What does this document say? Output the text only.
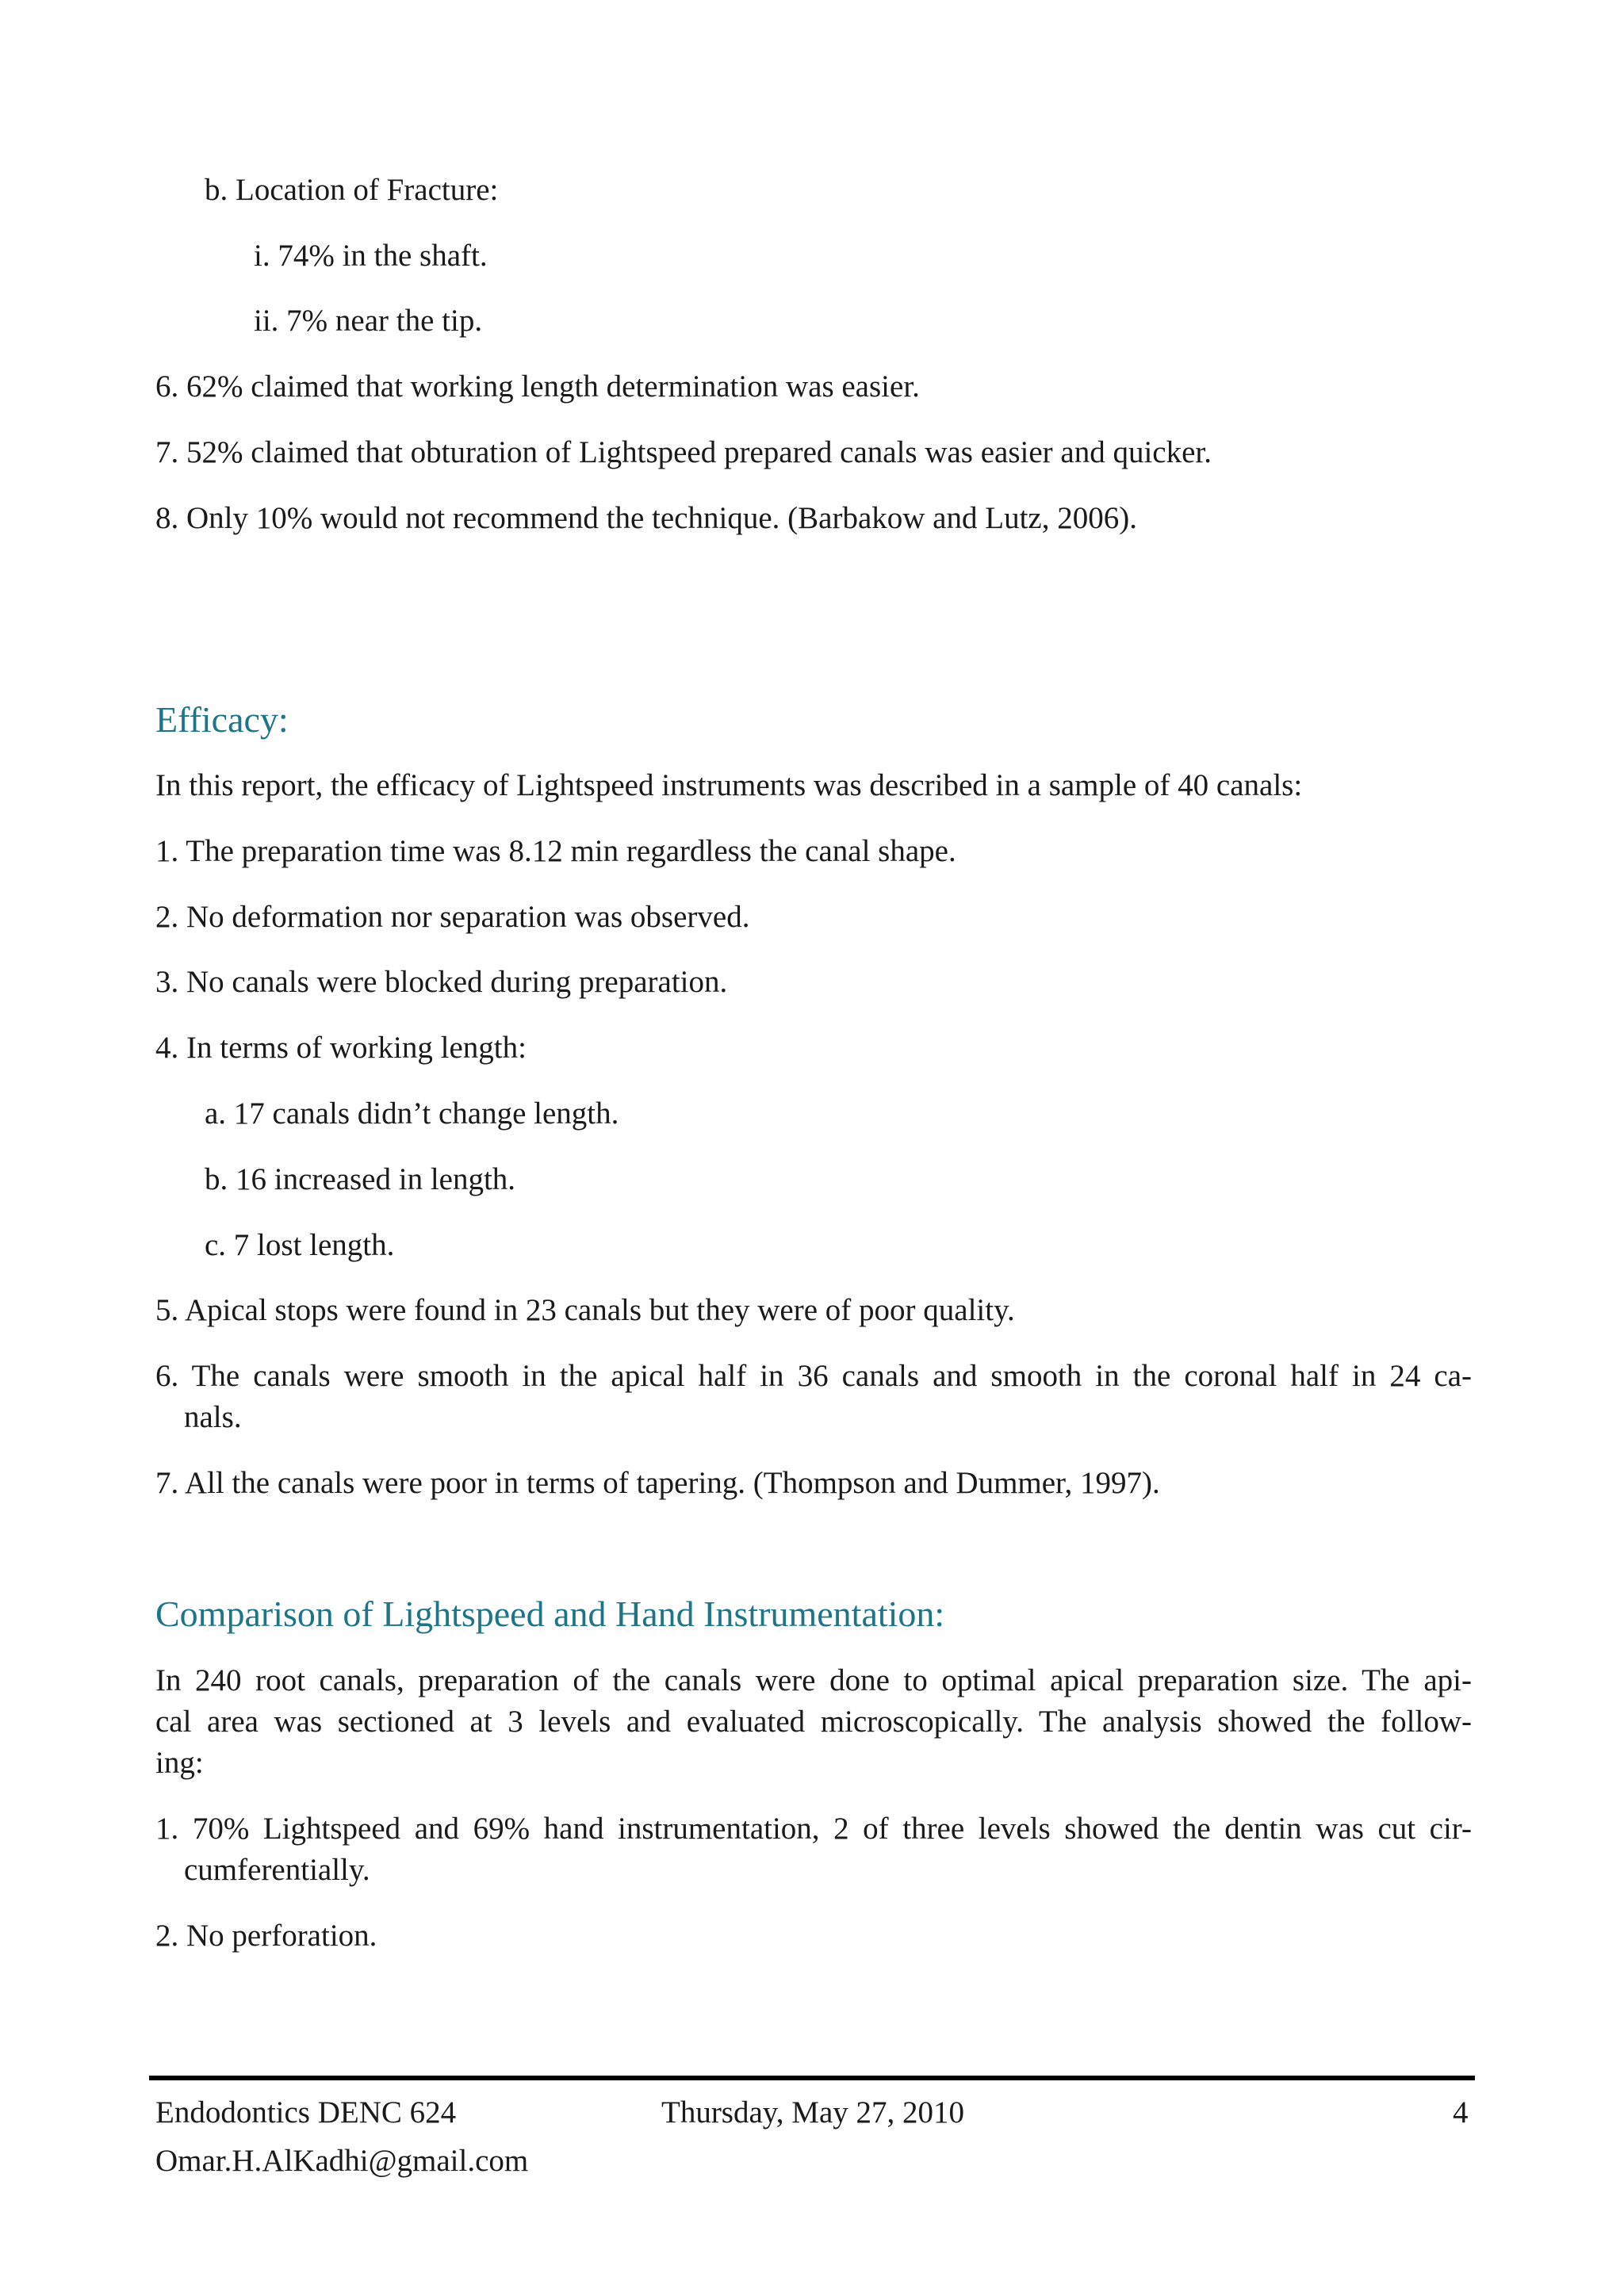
b. Location of Fracture:
i. 74% in the shaft.
ii. 7% near the tip.
6. 62% claimed that working length determination was easier.
7. 52% claimed that obturation of Lightspeed prepared canals was easier and quicker.
8. Only 10% would not recommend the technique. (Barbakow and Lutz, 2006).
Efficacy:
In this report, the efficacy of Lightspeed instruments was described in a sample of 40 canals:
1. The preparation time was 8.12 min regardless the canal shape.
2. No deformation nor separation was observed.
3. No canals were blocked during preparation.
4. In terms of working length:
a. 17 canals didn’t change length.
b. 16 increased in length.
c. 7 lost length.
5. Apical stops were found in 23 canals but they were of poor quality.
6. The canals were smooth in the apical half in 36 canals and smooth in the coronal half in 24 ca-
nals.
7. All the canals were poor in terms of tapering. (Thompson and Dummer, 1997).
Comparison of Lightspeed and Hand Instrumentation:
In 240 root canals, preparation of the canals were done to optimal apical preparation size. The api-
cal area was sectioned at 3 levels and evaluated microscopically. The analysis showed the follow-
ing:
1. 70% Lightspeed and 69% hand instrumentation, 2 of three levels showed the dentin was cut cir-
cumferentially.
2. No perforation.
Endodontics DENC 624	Thursday, May 27, 2010	4
Omar.H.AlKadhi@gmail.com
